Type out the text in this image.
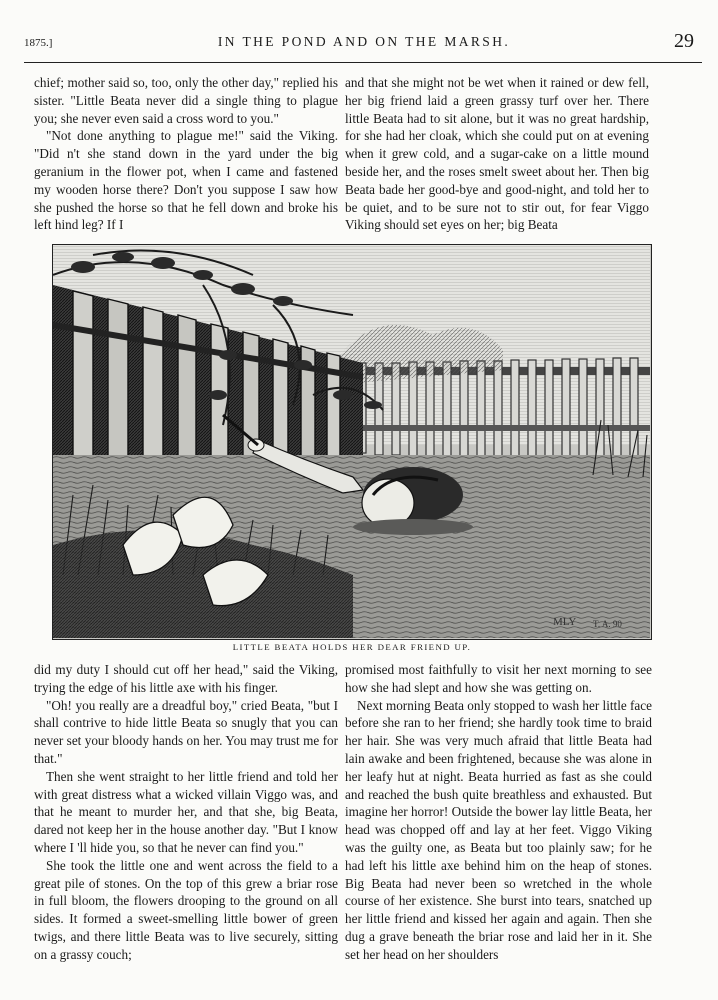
1875.]	IN THE POND AND ON THE MARSH.	29

chief; mother said so, too, only the other day," replied his sister. "Little Beata never did a single thing to plague you; she never even said a cross word to you."

"Not done anything to plague me!" said the Viking. "Did n't she stand down in the yard under the big geranium in the flower pot, when I came and fastened my wooden horse there? Don't you suppose I saw how she pushed the horse so that he fell down and broke his left hind leg? If I

and that she might not be wet when it rained or dew fell, her big friend laid a green grassy turf over her. There little Beata had to sit alone, but it was no great hardship, for she had her cloak, which she could put on at evening when it grew cold, and a sugar-cake on a little mound beside her, and the roses smelt sweet about her. Then big Beata bade her good-bye and good-night, and told her to be quiet, and to be sure not to stir out, for fear Viggo Viking should set eyes on her; big Beata

MLY T. A. 90
LITTLE BEATA HOLDS HER DEAR FRIEND UP.

did my duty I should cut off her head," said the Viking, trying the edge of his little axe with his finger.

"Oh! you really are a dreadful boy," cried Beata, "but I shall contrive to hide little Beata so snugly that you can never set your bloody hands on her. You may trust me for that."

Then she went straight to her little friend and told her with great distress what a wicked villain Viggo was, and that he meant to murder her, and that she, big Beata, dared not keep her in the house another day. "But I know where I 'll hide you, so that he never can find you."

She took the little one and went across the field to a great pile of stones. On the top of this grew a briar rose in full bloom, the flowers drooping to the ground on all sides. It formed a sweet-smelling little bower of green twigs, and there little Beata was to live securely, sitting on a grassy couch;

promised most faithfully to visit her next morning to see how she had slept and how she was getting on.

Next morning Beata only stopped to wash her little face before she ran to her friend; she hardly took time to braid her hair. She was very much afraid that little Beata had lain awake and been frightened, because she was alone in her leafy hut at night. Beata hurried as fast as she could and reached the bush quite breathless and exhausted. But imagine her horror! Outside the bower lay little Beata, her head was chopped off and lay at her feet. Viggo Viking was the guilty one, as Beata but too plainly saw; for he had left his little axe behind him on the heap of stones. Big Beata had never been so wretched in the whole course of her existence. She burst into tears, snatched up her little friend and kissed her again and again. Then she dug a grave beneath the briar rose and laid her in it. She set her head on her shoulders
